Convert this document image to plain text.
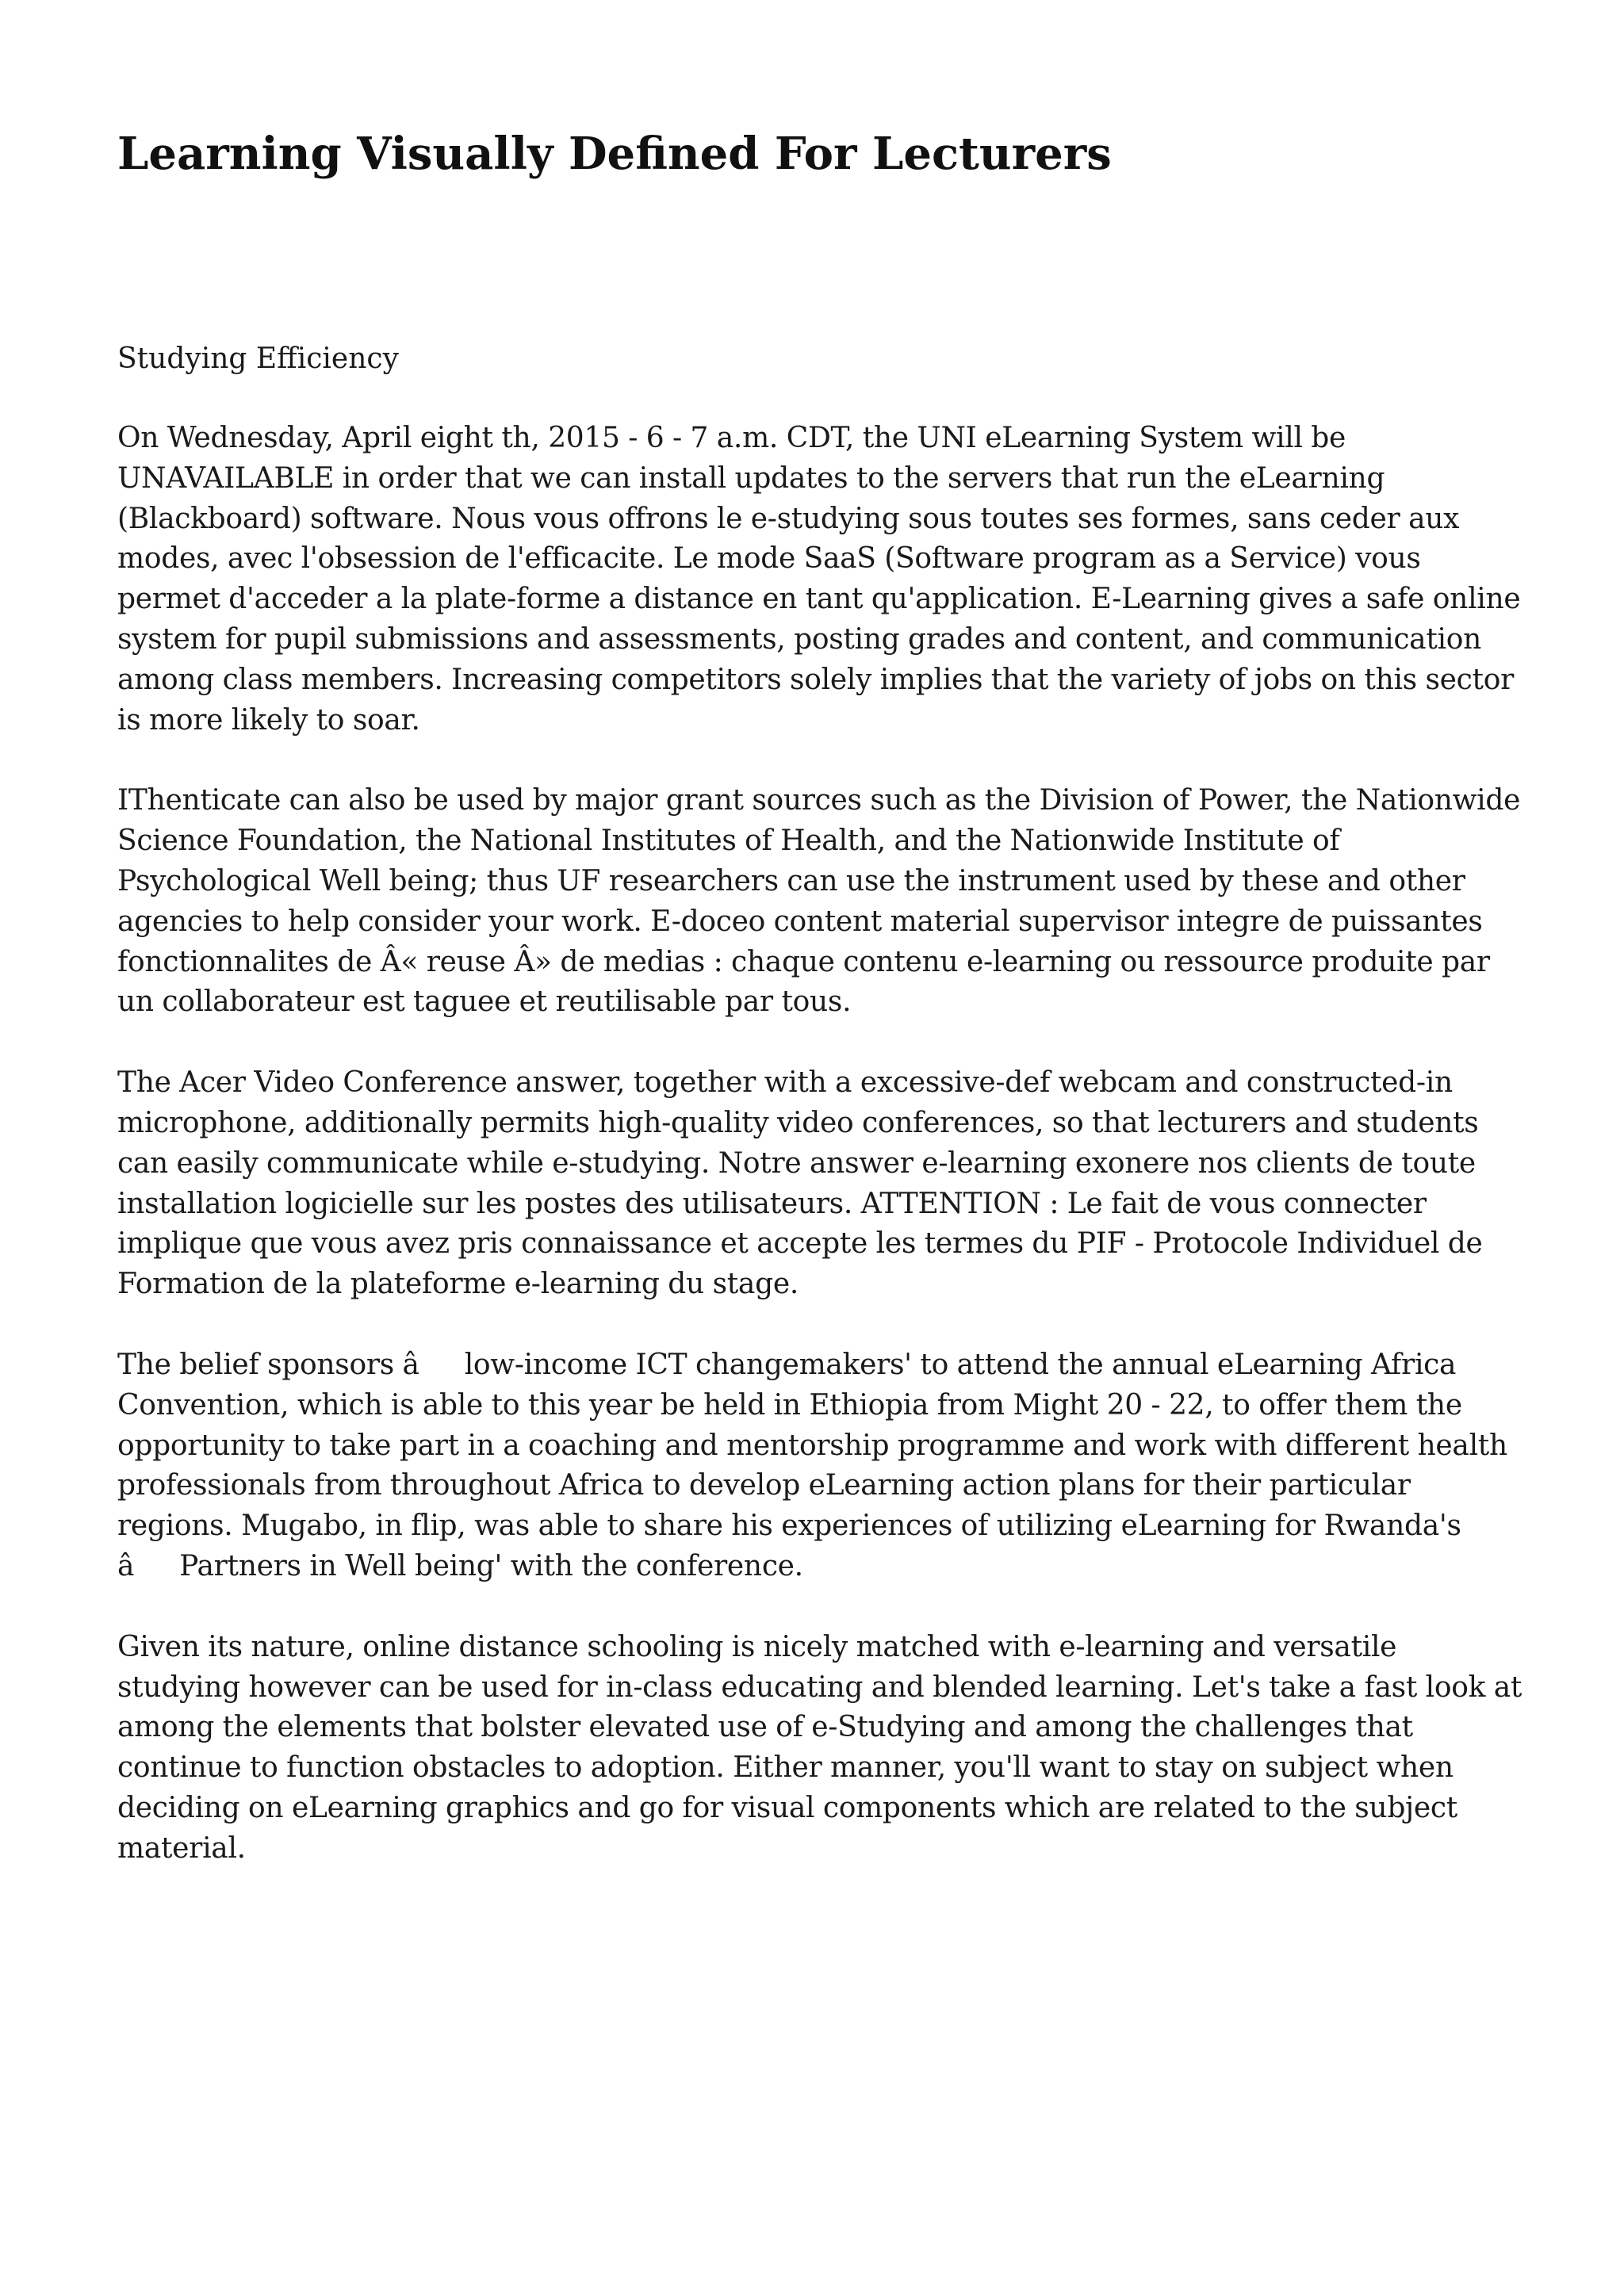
Learning Visually Defined For Lecturers
Studying Efficiency

On Wednesday, April eight th, 2015 - 6 - 7 a.m. CDT, the UNI eLearning System will be UNAVAILABLE in order that we can install updates to the servers that run the eLearning (Blackboard) software. Nous vous offrons le e-studying sous toutes ses formes, sans ceder aux modes, avec l'obsession de l'efficacite. Le mode SaaS (Software program as a Service) vous permet d'acceder a la plate-forme a distance en tant qu'application. E-Learning gives a safe online system for pupil submissions and assessments, posting grades and content, and communication among class members. Increasing competitors solely implies that the variety of jobs on this sector is more likely to soar.

IThenticate can also be used by major grant sources such as the Division of Power, the Nationwide Science Foundation, the National Institutes of Health, and the Nationwide Institute of Psychological Well being; thus UF researchers can use the instrument used by these and other agencies to help consider your work. E-doceo content material supervisor integre de puissantes fonctionnalites de Â« reuse Â» de medias : chaque contenu e-learning ou ressource produite par un collaborateur est taguee et reutilisable par tous.

The Acer Video Conference answer, together with a excessive-def webcam and constructed-in microphone, additionally permits high-quality video conferences, so that lecturers and students can easily communicate while e-studying. Notre answer e-learning exonere nos clients de toute installation logicielle sur les postes des utilisateurs. ATTENTION : Le fait de vous connecter implique que vous avez pris connaissance et accepte les termes du PIF - Protocole Individuel de Formation de la plateforme e-learning du stage.

The belief sponsors âlow-income ICT changemakers' to attend the annual eLearning Africa Convention, which is able to this year be held in Ethiopia from Might 20 - 22, to offer them the opportunity to take part in a coaching and mentorship programme and work with different health professionals from throughout Africa to develop eLearning action plans for their particular regions. Mugabo, in flip, was able to share his experiences of utilizing eLearning for Rwanda's âPartners in Well being' with the conference.

Given its nature, online distance schooling is nicely matched with e-learning and versatile studying however can be used for in-class educating and blended learning. Let's take a fast look at among the elements that bolster elevated use of e-Studying and among the challenges that continue to function obstacles to adoption. Either manner, you'll want to stay on subject when deciding on eLearning graphics and go for visual components which are related to the subject material.
